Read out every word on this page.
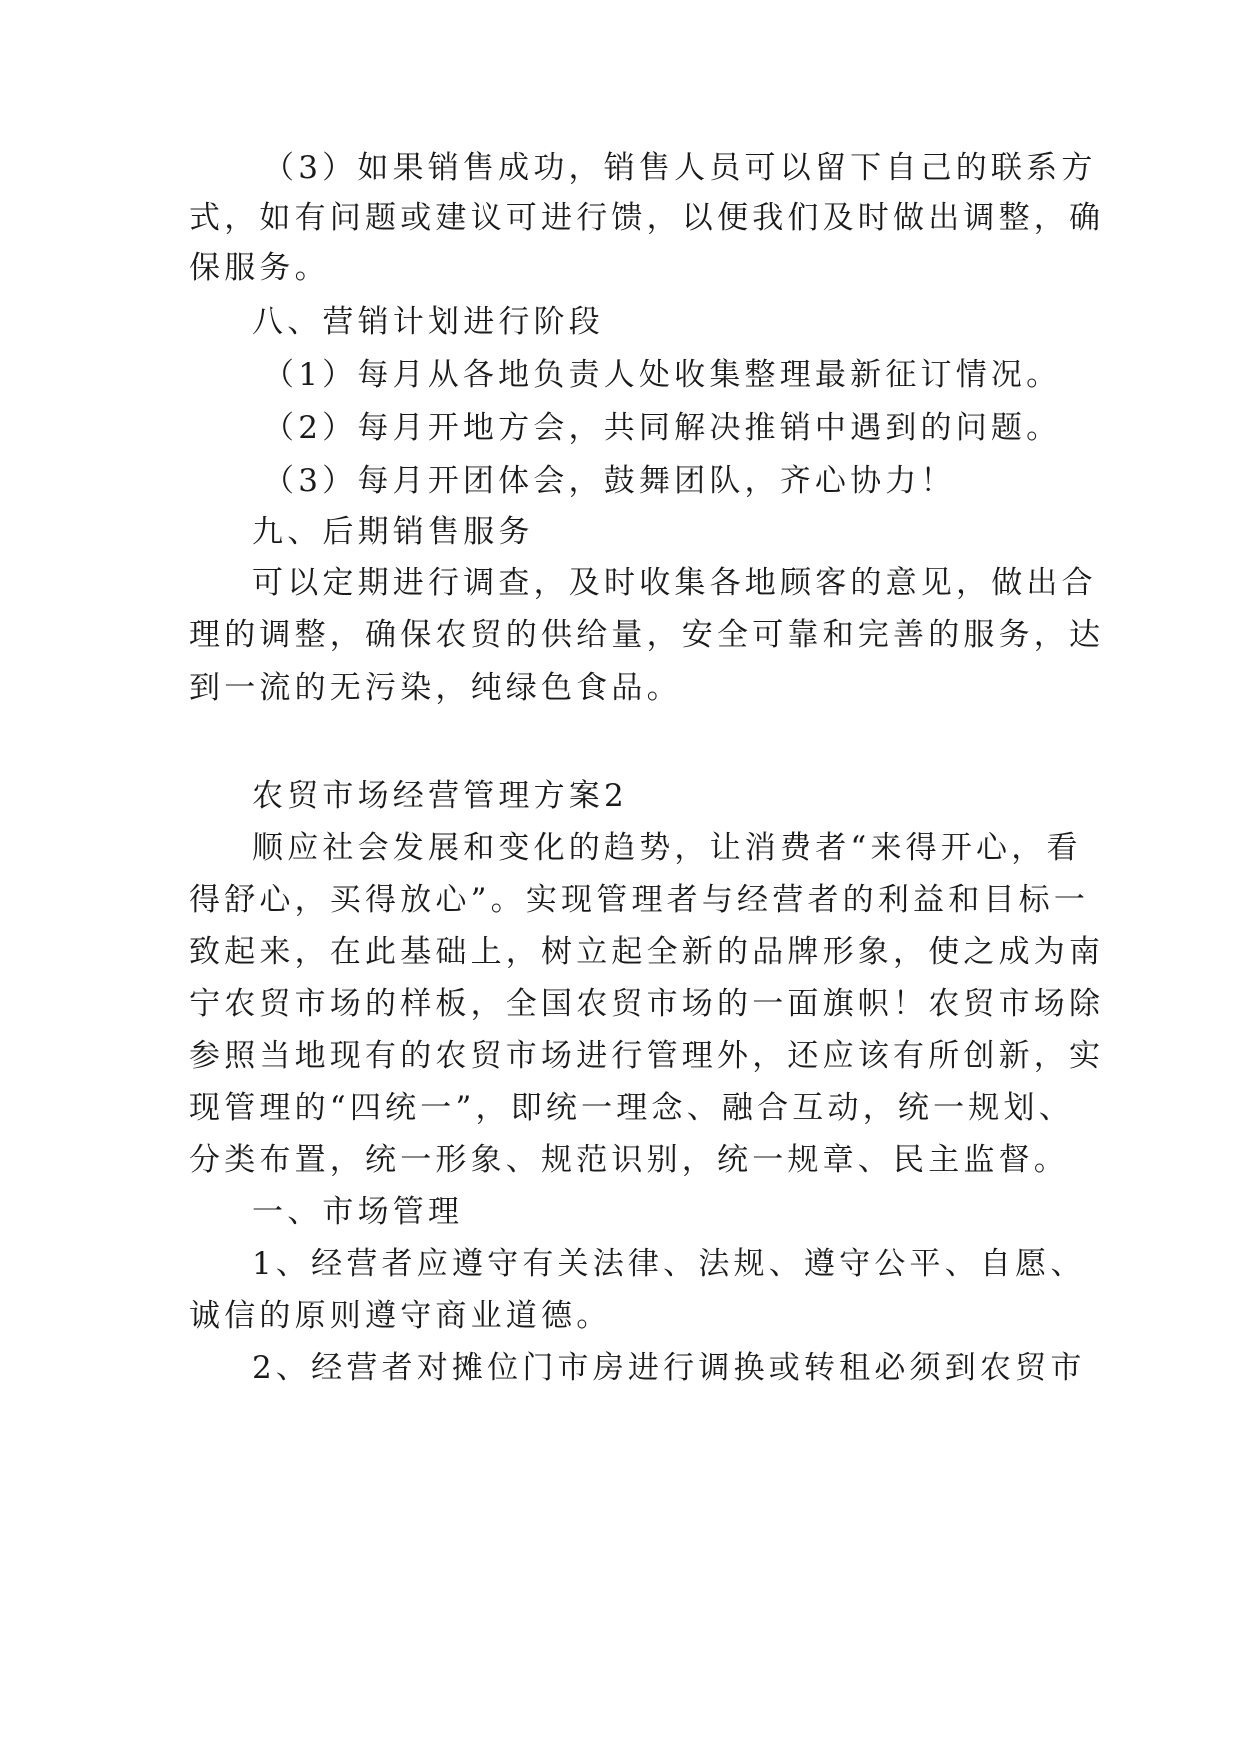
（3）如果销售成功，销售人员可以留下自己的联系方
式，如有问题或建议可进行馈，以便我们及时做出调整，确
保服务。
八、营销计划进行阶段
（1）每月从各地负责人处收集整理最新征订情况。
（2）每月开地方会，共同解决推销中遇到的问题。
（3）每月开团体会，鼓舞团队，齐心协力！
九、后期销售服务
可以定期进行调查，及时收集各地顾客的意见，做出合
理的调整，确保农贸的供给量，安全可靠和完善的服务，达
到一流的无污染，纯绿色食品。
农贸市场经营管理方案2
顺应社会发展和变化的趋势，让消费者“来得开心，看
得舒心，买得放心”。实现管理者与经营者的利益和目标一
致起来，在此基础上，树立起全新的品牌形象，使之成为南
宁农贸市场的样板，全国农贸市场的一面旗帜！农贸市场除
参照当地现有的农贸市场进行管理外，还应该有所创新，实
现管理的“四统一”，即统一理念、融合互动，统一规划、
分类布置，统一形象、规范识别，统一规章、民主监督。
一、市场管理
1、经营者应遵守有关法律、法规、遵守公平、自愿、
诚信的原则遵守商业道德。
2、经营者对摊位门市房进行调换或转租必须到农贸市
